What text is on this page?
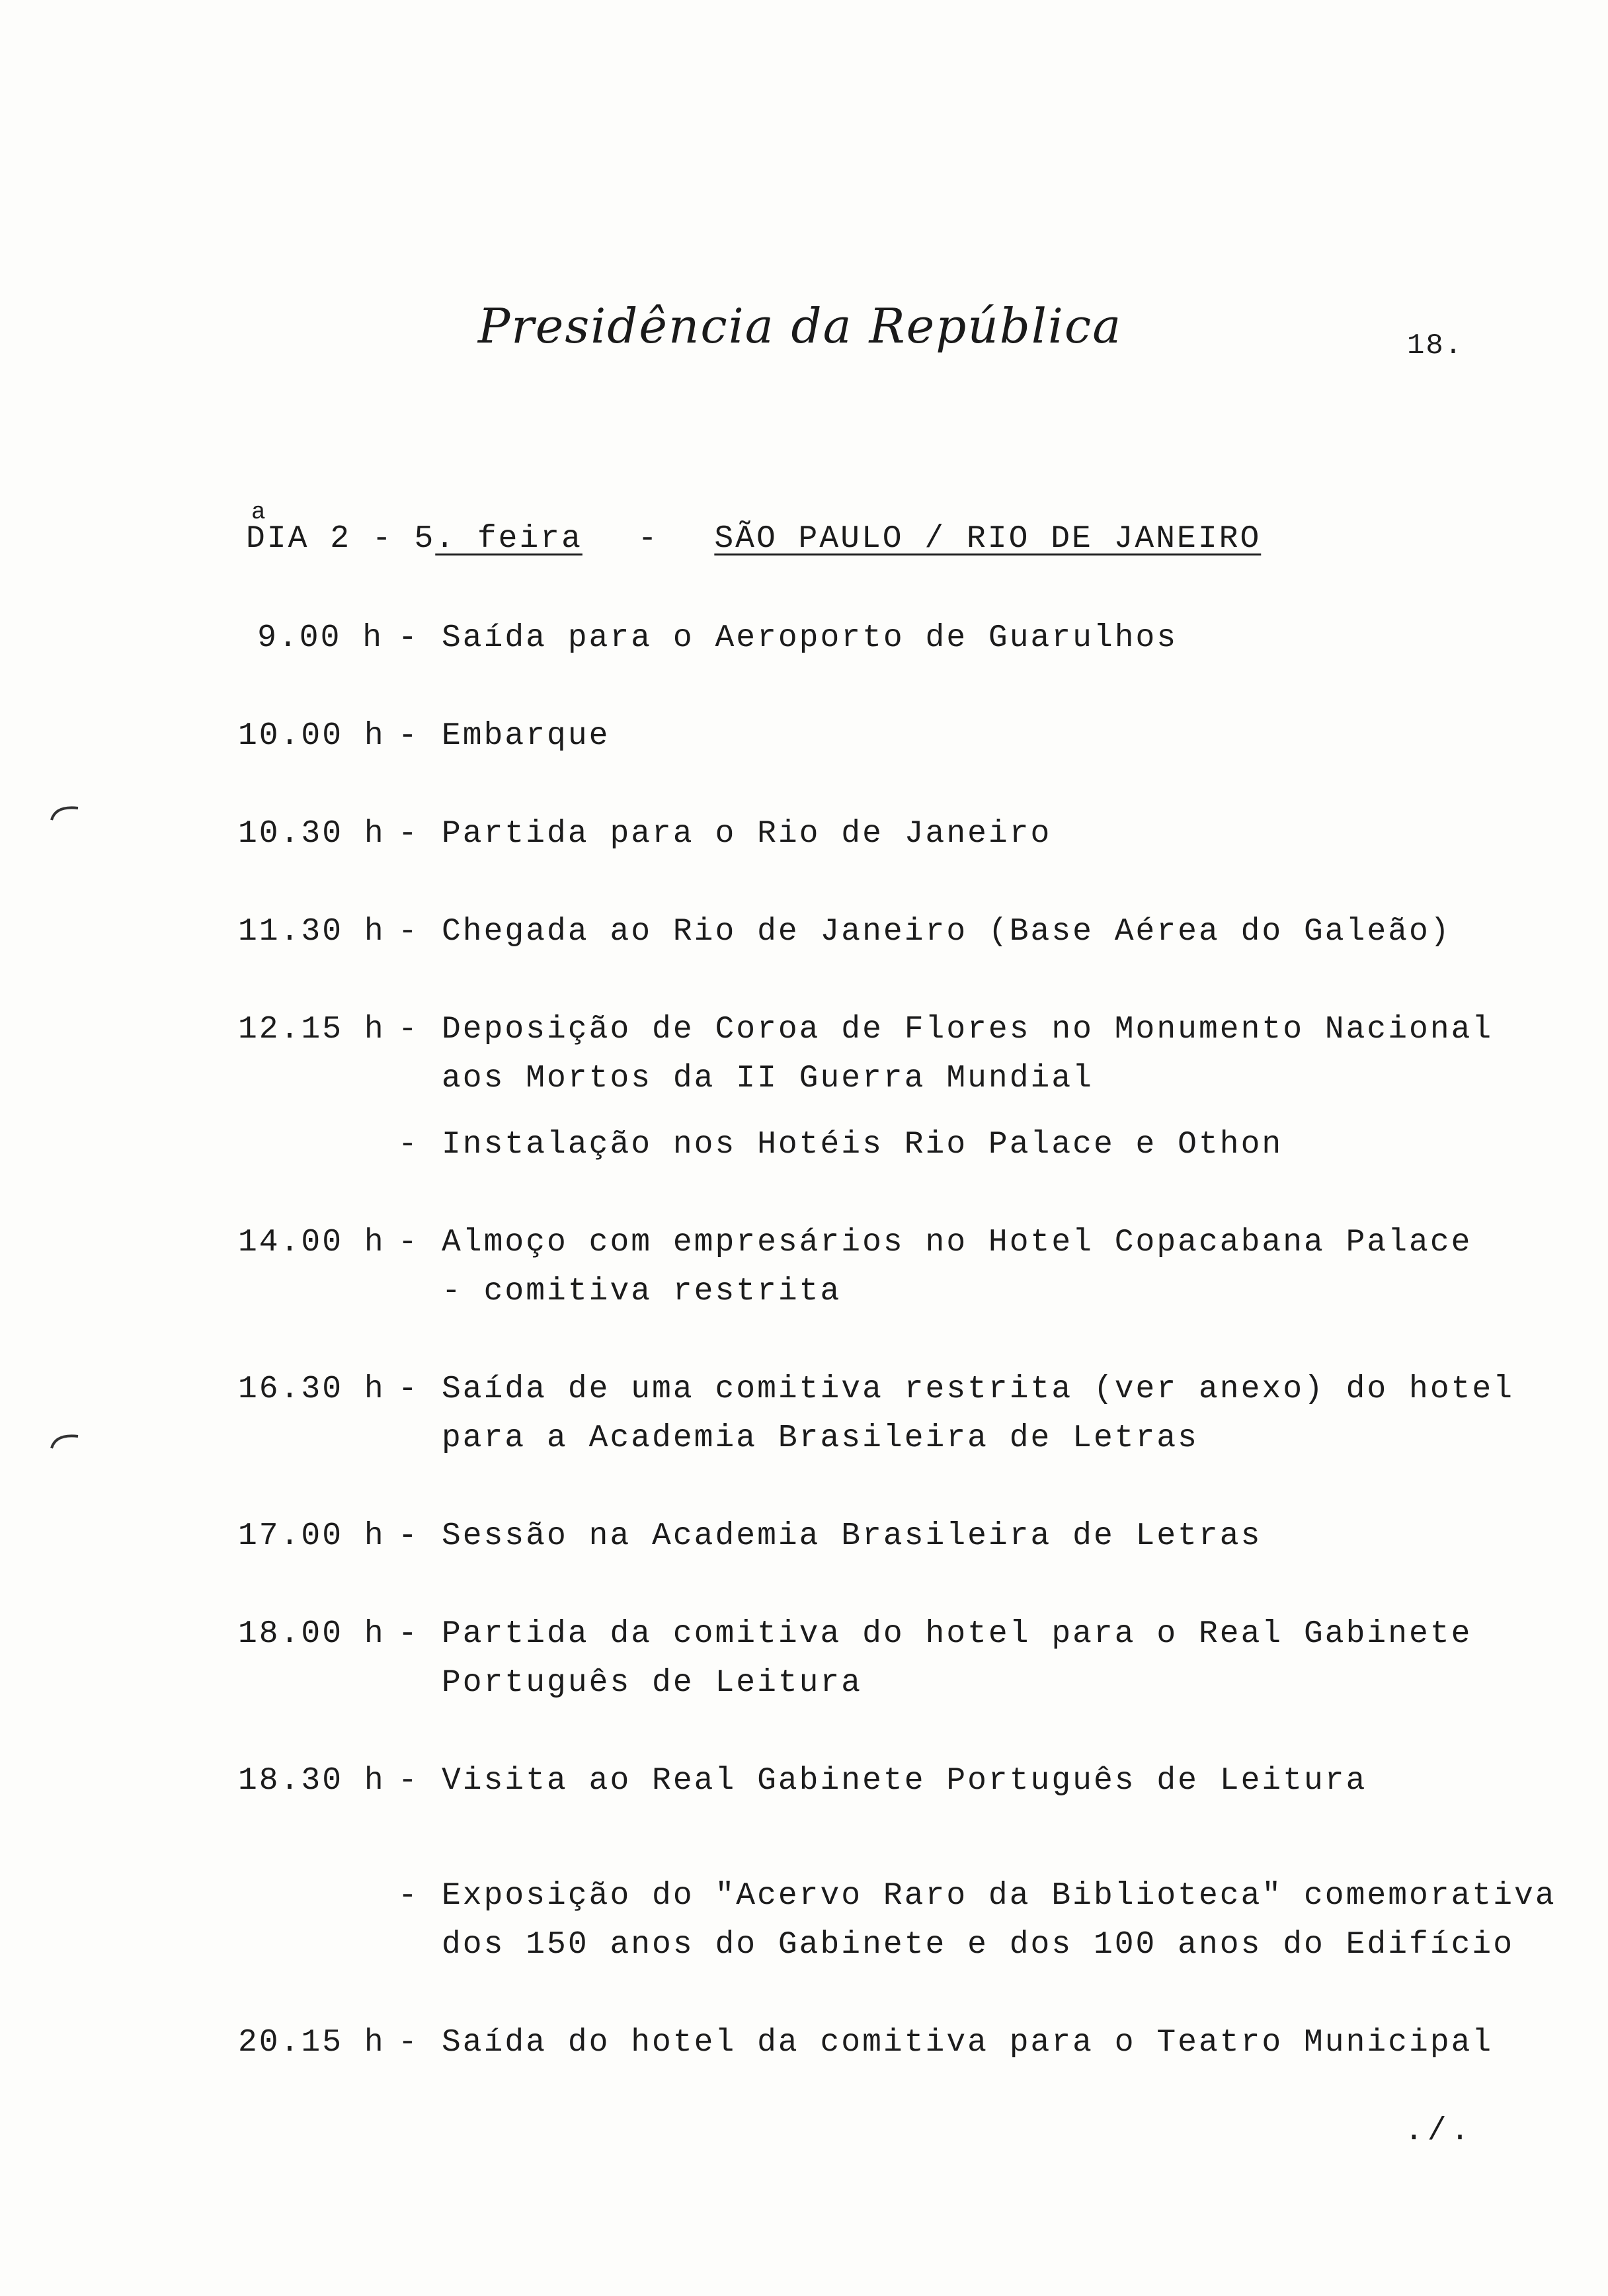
Presidência da República	18.
DIA 2 - 5
a
. feira - SÃO PAULO / RIO DE JANEIRO
9.00 h - Saída para o Aeroporto de Guarulhos
10.00 h - Embarque
10.30 h - Partida para o Rio de Janeiro
11.30 h - Chegada ao Rio de Janeiro (Base Aérea do Galeão)
12.15 h - Deposição de Coroa de Flores no Monumento Nacional
aos Mortos da II Guerra Mundial
- Instalação nos Hotéis Rio Palace e Othon
14.00 h - Almoço com empresários no Hotel Copacabana Palace
- comitiva restrita
16.30 h - Saída de uma comitiva restrita (ver anexo) do hotel
para a Academia Brasileira de Letras
17.00 h - Sessão na Academia Brasileira de Letras
18.00 h - Partida da comitiva do hotel para o Real Gabinete
Português de Leitura
18.30 h - Visita ao Real Gabinete Português de Leitura
- Exposição do "Acervo Raro da Biblioteca" comemorativa
dos 150 anos do Gabinete e dos 100 anos do Edifício
20.15 h - Saída do hotel da comitiva para o Teatro Municipal
./.
